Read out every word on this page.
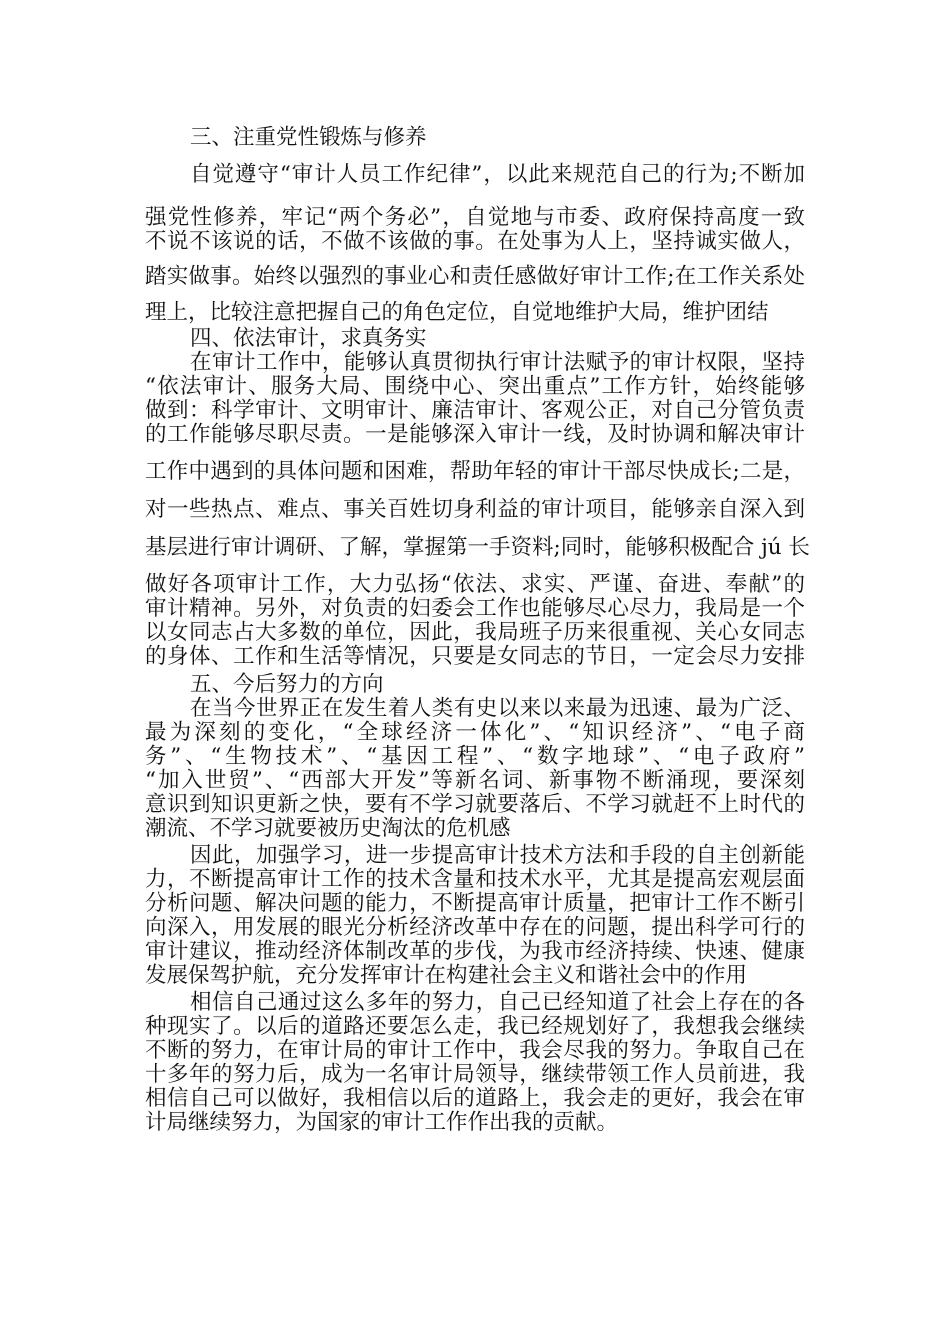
三、注重党性锻炼与修养
自觉遵守“审计人员工作纪律”，以此来规范自己的行为;不断加
强党性修养，牢记“两个务必”，自觉地与市委、政府保持高度一致
不说不该说的话，不做不该做的事。在处事为人上，坚持诚实做人，
踏实做事。始终以强烈的事业心和责任感做好审计工作;在工作关系处
理上，比较注意把握自己的角色定位，自觉地维护大局，维护团结
四、依法审计，求真务实
在审计工作中，能够认真贯彻执行审计法赋予的审计权限，坚持
“依法审计、服务大局、围绕中心、突出重点”工作方针，始终能够
做到：科学审计、文明审计、廉洁审计、客观公正，对自己分管负责
的工作能够尽职尽责。一是能够深入审计一线，及时协调和解决审计
工作中遇到的具体问题和困难，帮助年轻的审计干部尽快成长;二是，
对一些热点、难点、事关百姓切身利益的审计项目，能够亲自深入到
基层进行审计调研、了解，掌握第一手资料;同时，能够积极配合 jú 长
做好各项审计工作，大力弘扬“依法、求实、严谨、奋进、奉献”的
审计精神。另外，对负责的妇委会工作也能够尽心尽力，我局是一个
以女同志占大多数的单位，因此，我局班子历来很重视、关心女同志
的身体、工作和生活等情况，只要是女同志的节日，一定会尽力安排
五、今后努力的方向
在当今世界正在发生着人类有史以来以来最为迅速、最为广泛、
最为深刻的变化，“全球经济一体化”、“知识经济”、“电子商
务”、“生物技术”、“基因工程”、“数字地球”、“电子政府”
“加入世贸”、“西部大开发”等新名词、新事物不断涌现，要深刻
意识到知识更新之快，要有不学习就要落后、不学习就赶不上时代的
潮流、不学习就要被历史淘汰的危机感
因此，加强学习，进一步提高审计技术方法和手段的自主创新能
力，不断提高审计工作的技术含量和技术水平，尤其是提高宏观层面
分析问题、解决问题的能力，不断提高审计质量，把审计工作不断引
向深入，用发展的眼光分析经济改革中存在的问题，提出科学可行的
审计建议，推动经济体制改革的步伐，为我市经济持续、快速、健康
发展保驾护航，充分发挥审计在构建社会主义和谐社会中的作用
相信自己通过这么多年的努力，自己已经知道了社会上存在的各
种现实了。以后的道路还要怎么走，我已经规划好了，我想我会继续
不断的努力，在审计局的审计工作中，我会尽我的努力。争取自己在
十多年的努力后，成为一名审计局领导，继续带领工作人员前进，我
相信自己可以做好，我相信以后的道路上，我会走的更好，我会在审
计局继续努力，为国家的审计工作作出我的贡献。
